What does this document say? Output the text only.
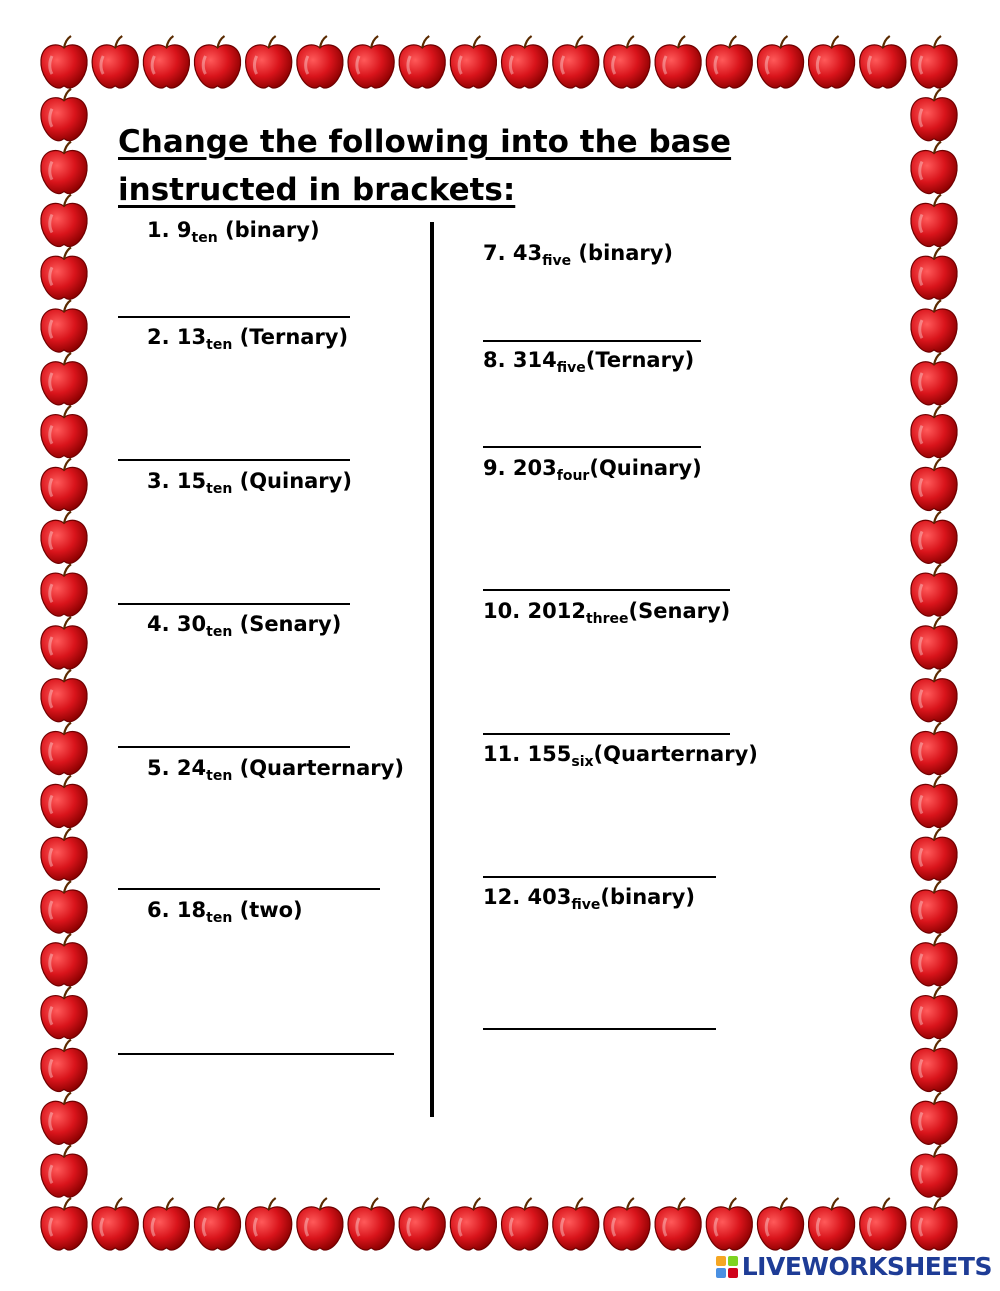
Change the following into the base instructed in brackets:
1. $9_{ten}$ (binary)
2. $13_{ten}$ (Ternary)
3. $15_{ten}$ (Quinary)
4. $30_{ten}$ (Senary)
5. $24_{ten}$ (Quarternary)
6. $18_{ten}$ (two)
7. $43_{five}$ (binary)
8. $314_{five}(Ternary)$
9. $203_{four}(Quinary)$
10. $2012_{three}(Senary)$
11. $155_{six}(Quarternary)$
12. $403_{five}(binary)$
LIVEWORKSHEETS
